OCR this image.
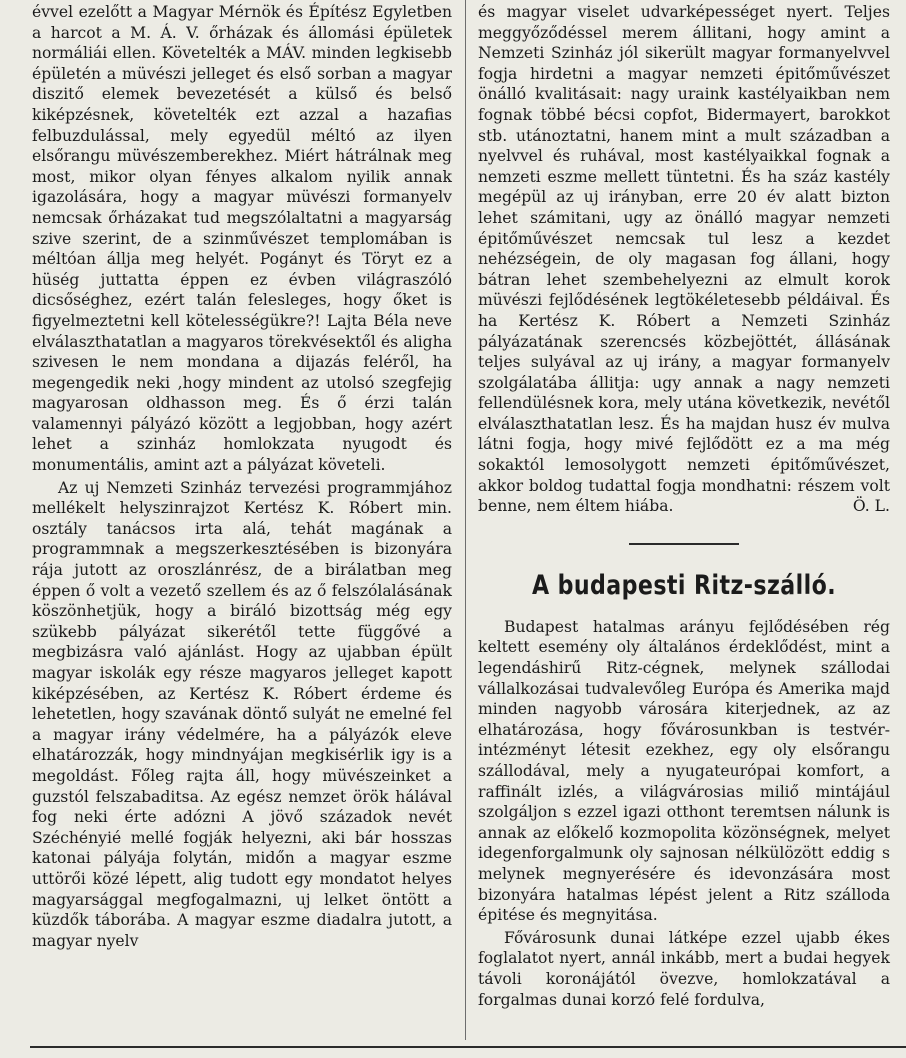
évvel ezelőtt a Magyar Mérnök és Építész Egyletben a harcot a M. Á. V. őrházak és állomási épületek normáliái ellen. Követelték a MÁV. minden legkisebb épületén a müvészi jelleget és első sorban a magyar diszitő elemek bevezetését a külső és belső kiképzésnek, követelték ezt azzal a hazafias felbuzdulással, mely egyedül méltó az ilyen elsőrangu müvészemberekhez. Miért hátrálnak meg most, mikor olyan fényes alkalom nyilik annak igazolására, hogy a magyar müvészi formanyelv nemcsak őrházakat tud megszólaltatni a magyarság szive szerint, de a szinművészet templomában is méltóan állja meg helyét. Pogányt és Töryt ez a hüség juttatta éppen ez évben világraszóló dicsőséghez, ezért talán felesleges, hogy őket is figyelmeztetni kell kötelességükre?! Lajta Béla neve elválaszthatatlan a magyaros törekvésektől és aligha szivesen le nem mondana a dijazás feléről, ha megengedik neki ,hogy mindent az utolsó szegfejig magyarosan oldhasson meg. És ő érzi talán valamennyi pályázó között a legjobban, hogy azért lehet a szinház homlokzata nyugodt és monumentális, amint azt a pályázat követeli.

Az uj Nemzeti Szinház tervezési programmjához mellékelt helyszinrajzot Kertész K. Róbert min. osztály tanácsos irta alá, tehát magának a programmnak a megszerkesztésében is bizonyára rája jutott az oroszlánrész, de a birálatban meg éppen ő volt a vezető szellem és az ő felszólalásának köszönhetjük, hogy a biráló bizottság még egy szükebb pályázat sikerétől tette függővé a megbizásra való ajánlást. Hogy az ujabban épült magyar iskolák egy része magyaros jelleget kapott kiképzésében, az Kertész K. Róbert érdeme és lehetetlen, hogy szavának döntő sulyát ne emelné fel a magyar irány védelmére, ha a pályázók eleve elhatározzák, hogy mindnyájan megkisérlik igy is a megoldást. Főleg rajta áll, hogy müvészeinket a guzstól felszabaditsa. Az egész nemzet örök hálával fog neki érte adózni A jövő századok nevét Széchényié mellé fogják helyezni, aki bár hosszas katonai pályája folytán, midőn a magyar eszme uttörői közé lépett, alig tudott egy mondatot helyes magyarsággal megfogalmazni, uj lelket öntött a küzdők táborába. A magyar eszme diadalra jutott, a magyar nyelv

és magyar viselet udvarképességet nyert. Teljes meggyőződéssel merem állitani, hogy amint a Nemzeti Szinház jól sikerült magyar formanyelvvel fogja hirdetni a magyar nemzeti épitőművészet önálló kvalitásait: nagy uraink kastélyaikban nem fognak többé bécsi copfot, Bidermayert, barokkot stb. utánoztatni, hanem mint a mult században a nyelvvel és ruhával, most kastélyaikkal fognak a nemzeti eszme mellett tüntetni. És ha száz kastély megépül az uj irányban, erre 20 év alatt bizton lehet számitani, ugy az önálló magyar nemzeti épitőművészet nemcsak tul lesz a kezdet nehézségein, de oly magasan fog állani, hogy bátran lehet szembehelyezni az elmult korok müvészi fejlődésének legtökéletesebb példáival. És ha Kertész K. Róbert a Nemzeti Szinház pályázatának szerencsés közbejöttét, állásának teljes sulyával az uj irány, a magyar formanyelv szolgálatába állitja: ugy annak a nagy nemzeti fellendülésnek kora, mely utána következik, nevétől elválaszthatatlan lesz. És ha majdan husz év mulva látni fogja, hogy mivé fejlődött ez a ma még sokaktól lemosolygott nemzeti épitőművészet, akkor boldog tudattal fogja mondhatni: részem volt benne, nem éltem hiába.	Ö. L.

A budapesti Ritz-szálló.

Budapest hatalmas arányu fejlődésében rég keltett esemény oly általános érdeklődést, mint a legendáshirű Ritz-cégnek, melynek szállodai vállalkozásai tudvalevőleg Európa és Amerika majd minden nagyobb városára kiterjednek, az az elhatározása, hogy fővárosunkban is testvér-intézményt létesit ezekhez, egy oly elsőrangu szállodával, mely a nyugateurópai komfort, a raffinált izlés, a világvárosias miliő mintájául szolgáljon s ezzel igazi otthont teremtsen nálunk is annak az előkelő kozmopolita közönségnek, melyet idegenforgalmunk oly sajnosan nélkülözött eddig s melynek megnyerésére és idevonzására most bizonyára hatalmas lépést jelent a Ritz szálloda épitése és megnyitása.

Fővárosunk dunai látképe ezzel ujabb ékes foglalatot nyert, annál inkább, mert a budai hegyek távoli koronájától övezve, homlokzatával a forgalmas dunai korzó felé fordulva,
